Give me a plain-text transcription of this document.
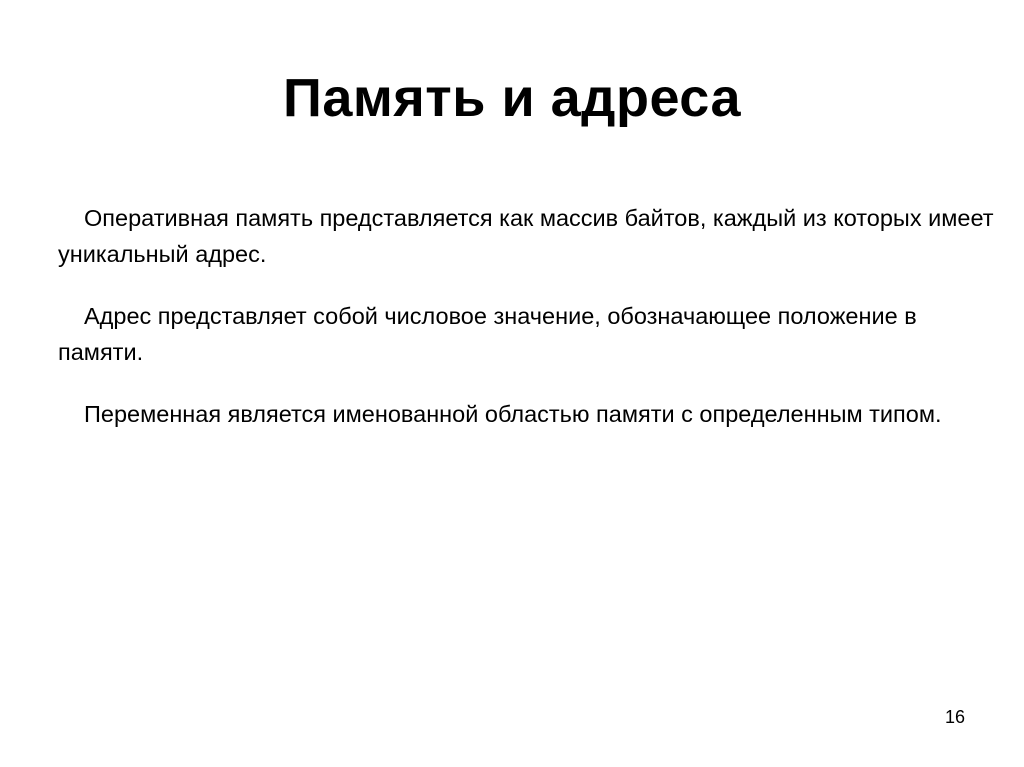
Память и адреса

Оперативная память представляется как массив байтов, каждый из которых имеет уникальный адрес.

Адрес представляет собой числовое значение, обозначающее положение в памяти.

Переменная является именованной областью памяти с определенным типом.

16
